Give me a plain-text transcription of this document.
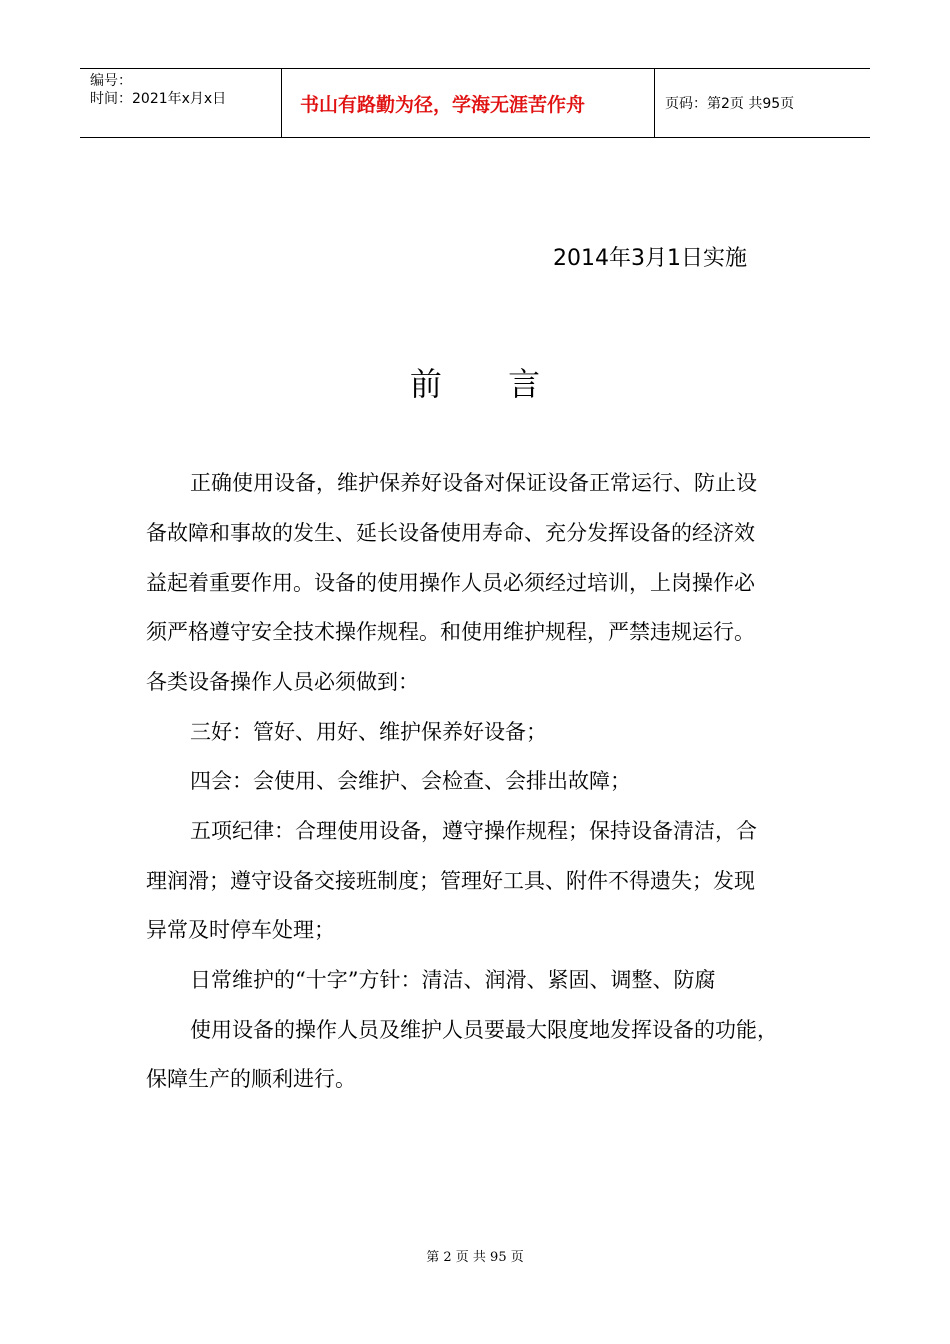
编号：
时间：2021年x月x日	书山有路勤为径，学海无涯苦作舟	页码：第2页 共95页
2014年3月1日实施
前 言
正确使用设备，维护保养好设备对保证设备正常运行、防止设
备故障和事故的发生、延长设备使用寿命、充分发挥设备的经济效
益起着重要作用。设备的使用操作人员必须经过培训，上岗操作必
须严格遵守安全技术操作规程。和使用维护规程，严禁违规运行。
各类设备操作人员必须做到：
三好：管好、用好、维护保养好设备；
四会：会使用、会维护、会检查、会排出故障；
五项纪律：合理使用设备，遵守操作规程；保持设备清洁，合
理润滑；遵守设备交接班制度；管理好工具、附件不得遗失；发现
异常及时停车处理；
日常维护的“十字”方针：清洁、润滑、紧固、调整、防腐
使用设备的操作人员及维护人员要最大限度地发挥设备的功能，
保障生产的顺利进行。
第 2 页 共 95 页
